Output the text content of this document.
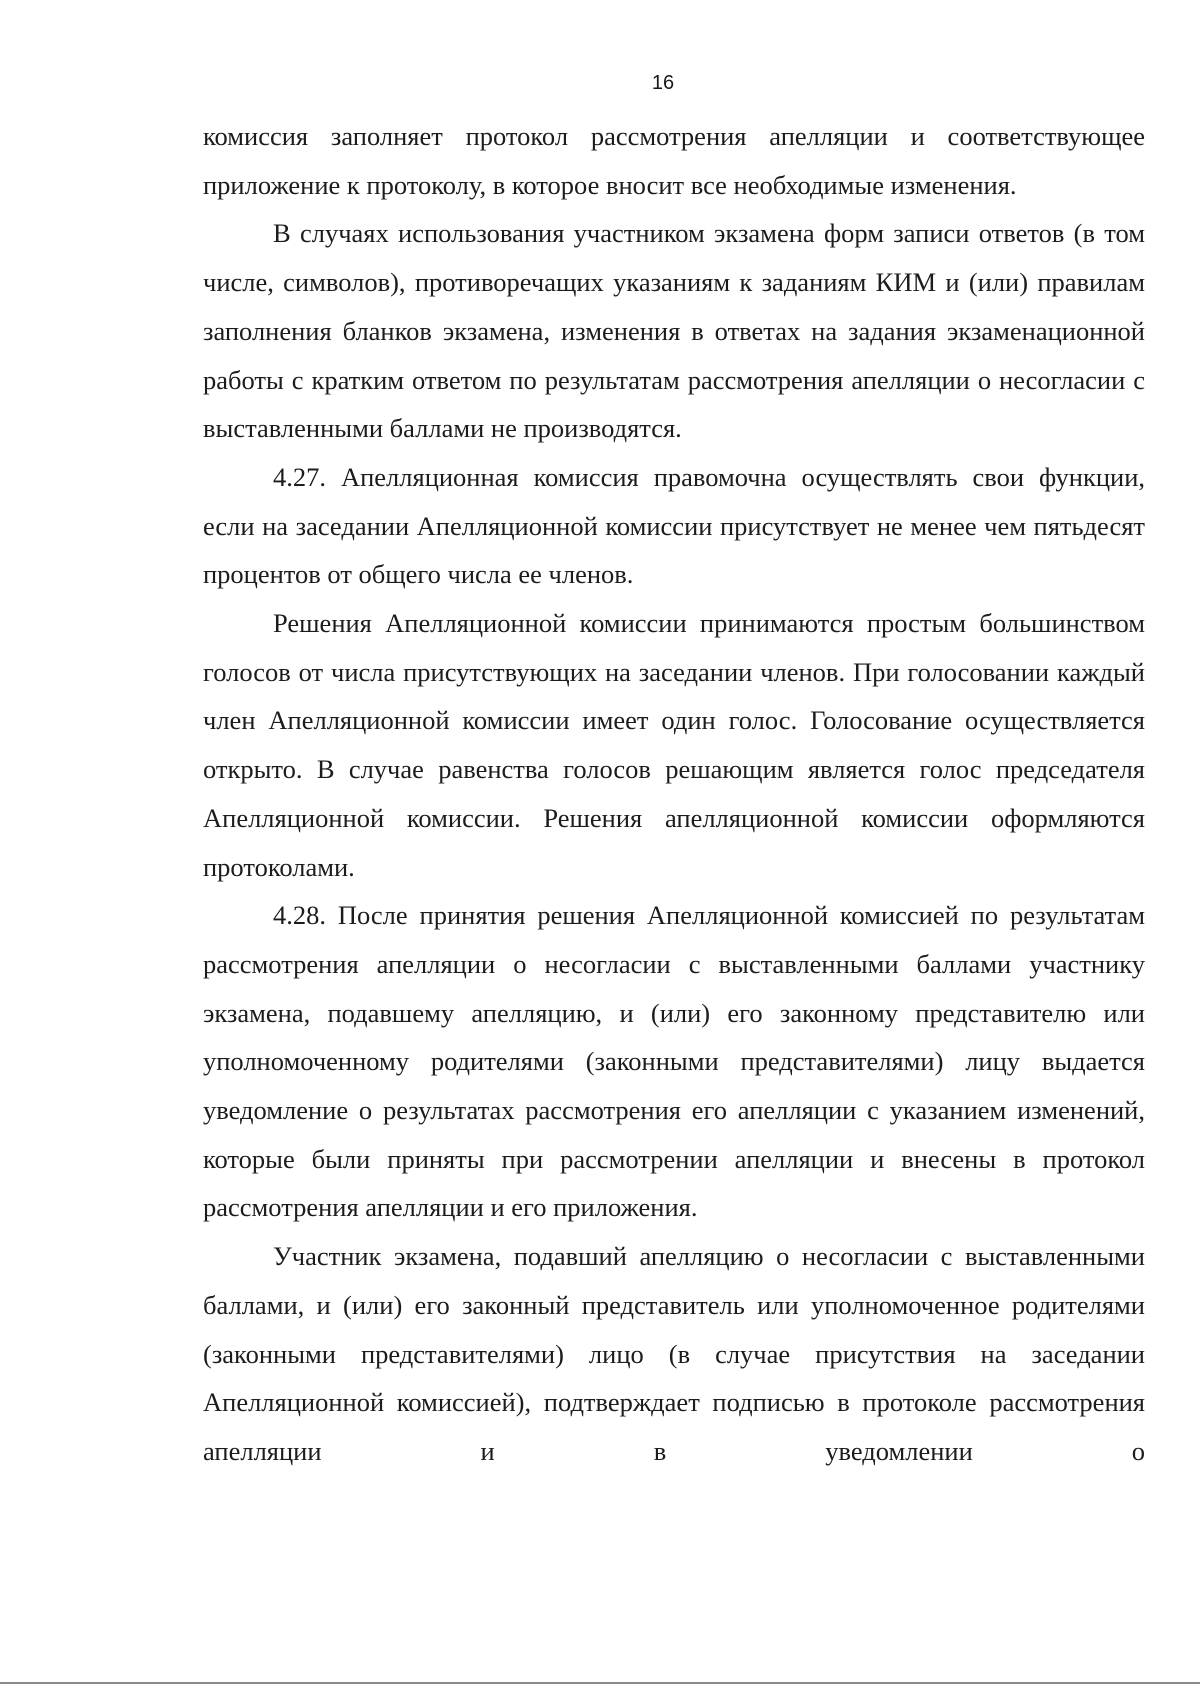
16

комиссия заполняет протокол рассмотрения апелляции и соответствующее приложение к протоколу, в которое вносит все необходимые изменения.

В случаях использования участником экзамена форм записи ответов (в том числе, символов), противоречащих указаниям к заданиям КИМ и (или) правилам заполнения бланков экзамена, изменения в ответах на задания экзаменационной работы с кратким ответом по результатам рассмотрения апелляции о несогласии с выставленными баллами не производятся.

4.27. Апелляционная комиссия правомочна осуществлять свои функции, если на заседании Апелляционной комиссии присутствует не менее чем пятьдесят процентов от общего числа ее членов.

Решения Апелляционной комиссии принимаются простым большинством голосов от числа присутствующих на заседании членов. При голосовании каждый член Апелляционной комиссии имеет один голос. Голосование осуществляется открыто. В случае равенства голосов решающим является голос председателя Апелляционной комиссии. Решения апелляционной комиссии оформляются протоколами.

4.28. После принятия решения Апелляционной комиссией по результатам рассмотрения апелляции о несогласии с выставленными баллами участнику экзамена, подавшему апелляцию, и (или) его законному представителю или уполномоченному родителями (законными представителями) лицу выдается уведомление о результатах рассмотрения его апелляции с указанием изменений, которые были приняты при рассмотрении апелляции и внесены в протокол рассмотрения апелляции и его приложения.

Участник экзамена, подавший апелляцию о несогласии с выставленными баллами, и (или) его законный представитель или уполномоченное родителями (законными представителями) лицо (в случае присутствия на заседании Апелляционной комиссией), подтверждает подписью в протоколе рассмотрения апелляции и в уведомлении о
